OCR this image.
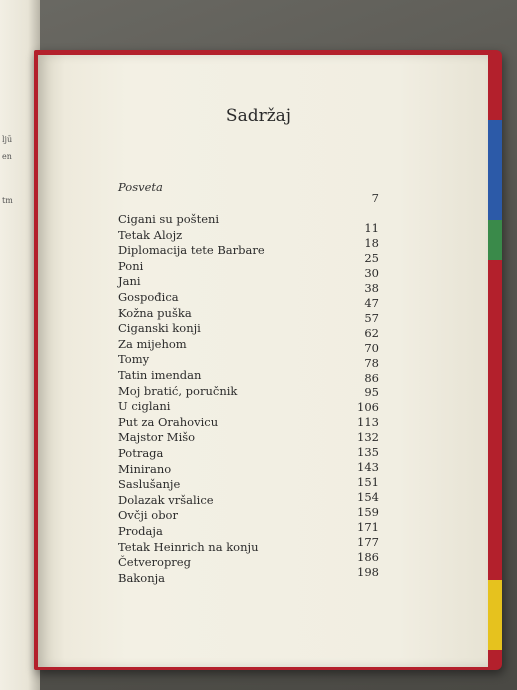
ljū
en
tm
Sadržaj
Posveta
7
Cigani su pošteni
Tetak Alojz
Diplomacija tete Barbare
Poni
Jani
Gospođica
Kožna puška
Ciganski konji
Za mijehom
Tomy
Tatin imendan
Moj bratić, poručnik
U ciglani
Put za Orahovicu
Majstor Mišo
Potraga
Minirano
Saslušanje
Dolazak vršalice
Ovčji obor
Prodaja
Tetak Heinrich na konju
Četveropreg
Bakonja
11
18
25
30
38
47
57
62
70
78
86
95
106
113
132
135
143
151
154
159
171
177
186
198
